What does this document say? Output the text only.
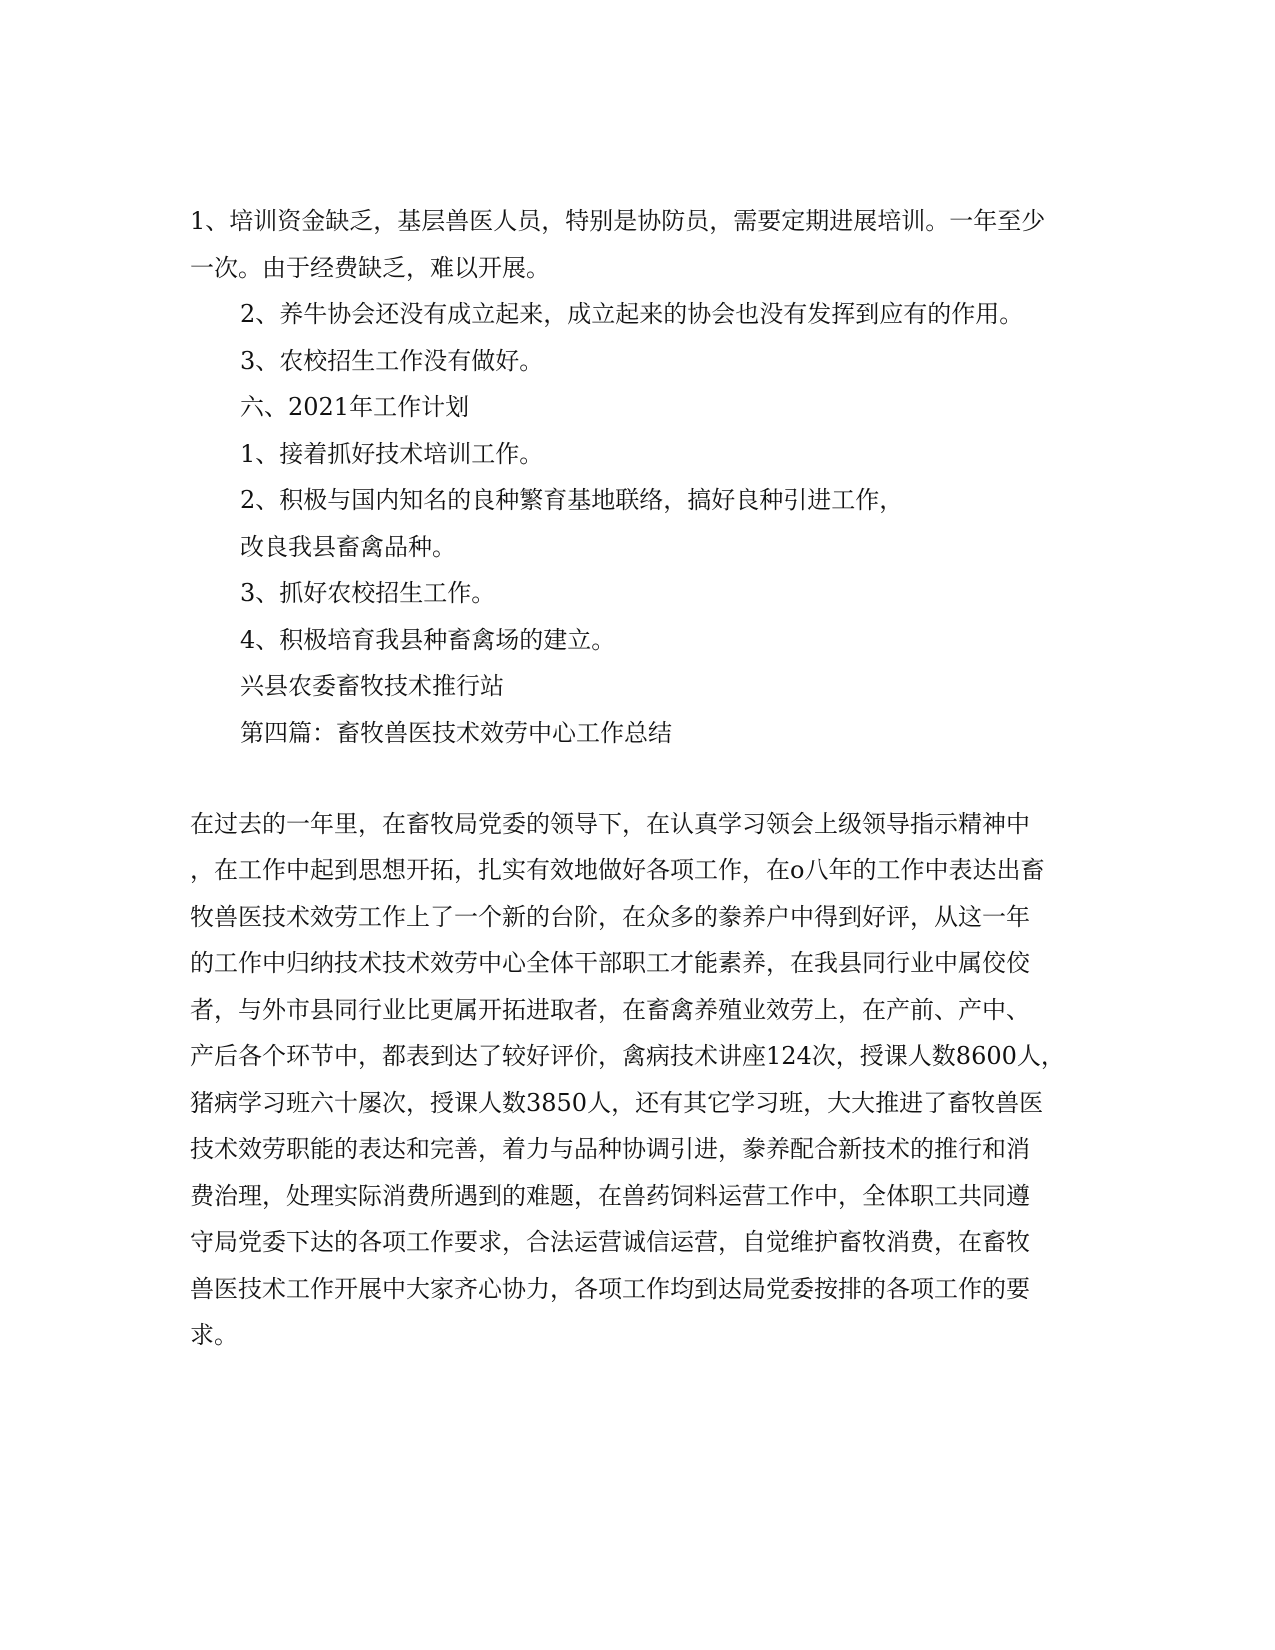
1、培训资金缺乏，基层兽医人员，特别是协防员，需要定期进展培训。一年至少
一次。由于经费缺乏，难以开展。
2、养牛协会还没有成立起来，成立起来的协会也没有发挥到应有的作用。
3、农校招生工作没有做好。
六、2021年工作计划
1、接着抓好技术培训工作。
2、积极与国内知名的良种繁育基地联络，搞好良种引进工作，
改良我县畜禽品种。
3、抓好农校招生工作。
4、积极培育我县种畜禽场的建立。
兴县农委畜牧技术推行站
第四篇：畜牧兽医技术效劳中心工作总结
在过去的一年里，在畜牧局党委的领导下，在认真学习领会上级领导指示精神中
，在工作中起到思想开拓，扎实有效地做好各项工作，在o八年的工作中表达出畜
牧兽医技术效劳工作上了一个新的台阶，在众多的豢养户中得到好评，从这一年
的工作中归纳技术技术效劳中心全体干部职工才能素养，在我县同行业中属佼佼
者，与外市县同行业比更属开拓进取者，在畜禽养殖业效劳上，在产前、产中、
产后各个环节中，都表到达了较好评价，禽病技术讲座124次，授课人数8600人，
猪病学习班六十屡次，授课人数3850人，还有其它学习班，大大推进了畜牧兽医
技术效劳职能的表达和完善，着力与品种协调引进，豢养配合新技术的推行和消
费治理，处理实际消费所遇到的难题，在兽药饲料运营工作中，全体职工共同遵
守局党委下达的各项工作要求，合法运营诚信运营，自觉维护畜牧消费，在畜牧
兽医技术工作开展中大家齐心协力，各项工作均到达局党委按排的各项工作的要
求。
